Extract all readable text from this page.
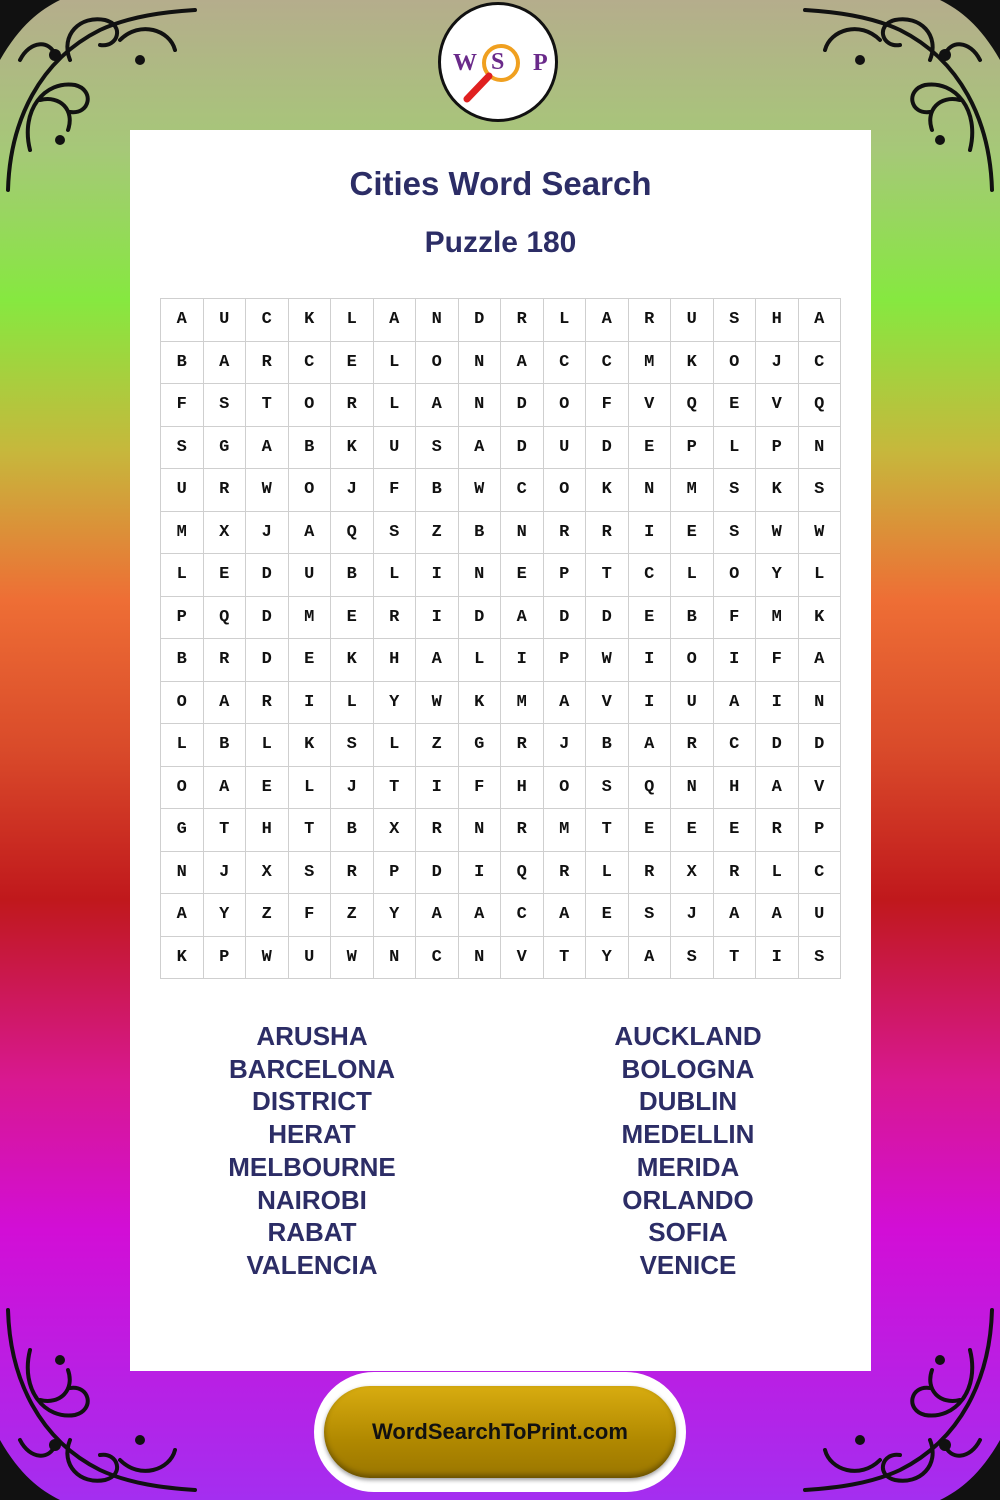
W S P
Cities Word Search
Puzzle 180
A	U	C	K	L	A	N	D	R	L	A	R	U	S	H	A
B	A	R	C	E	L	O	N	A	C	C	M	K	O	J	C
F	S	T	O	R	L	A	N	D	O	F	V	Q	E	V	Q
S	G	A	B	K	U	S	A	D	U	D	E	P	L	P	N
U	R	W	O	J	F	B	W	C	O	K	N	M	S	K	S
M	X	J	A	Q	S	Z	B	N	R	R	I	E	S	W	W
L	E	D	U	B	L	I	N	E	P	T	C	L	O	Y	L
P	Q	D	M	E	R	I	D	A	D	D	E	B	F	M	K
B	R	D	E	K	H	A	L	I	P	W	I	O	I	F	A
O	A	R	I	L	Y	W	K	M	A	V	I	U	A	I	N
L	B	L	K	S	L	Z	G	R	J	B	A	R	C	D	D
O	A	E	L	J	T	I	F	H	O	S	Q	N	H	A	V
G	T	H	T	B	X	R	N	R	M	T	E	E	E	R	P
N	J	X	S	R	P	D	I	Q	R	L	R	X	R	L	C
A	Y	Z	F	Z	Y	A	A	C	A	E	S	J	A	A	U
K	P	W	U	W	N	C	N	V	T	Y	A	S	T	I	S
ARUSHA
BARCELONA
DISTRICT
HERAT
MELBOURNE
NAIROBI
RABAT
VALENCIA
AUCKLAND
BOLOGNA
DUBLIN
MEDELLIN
MERIDA
ORLANDO
SOFIA
VENICE
WordSearchToPrint.com
